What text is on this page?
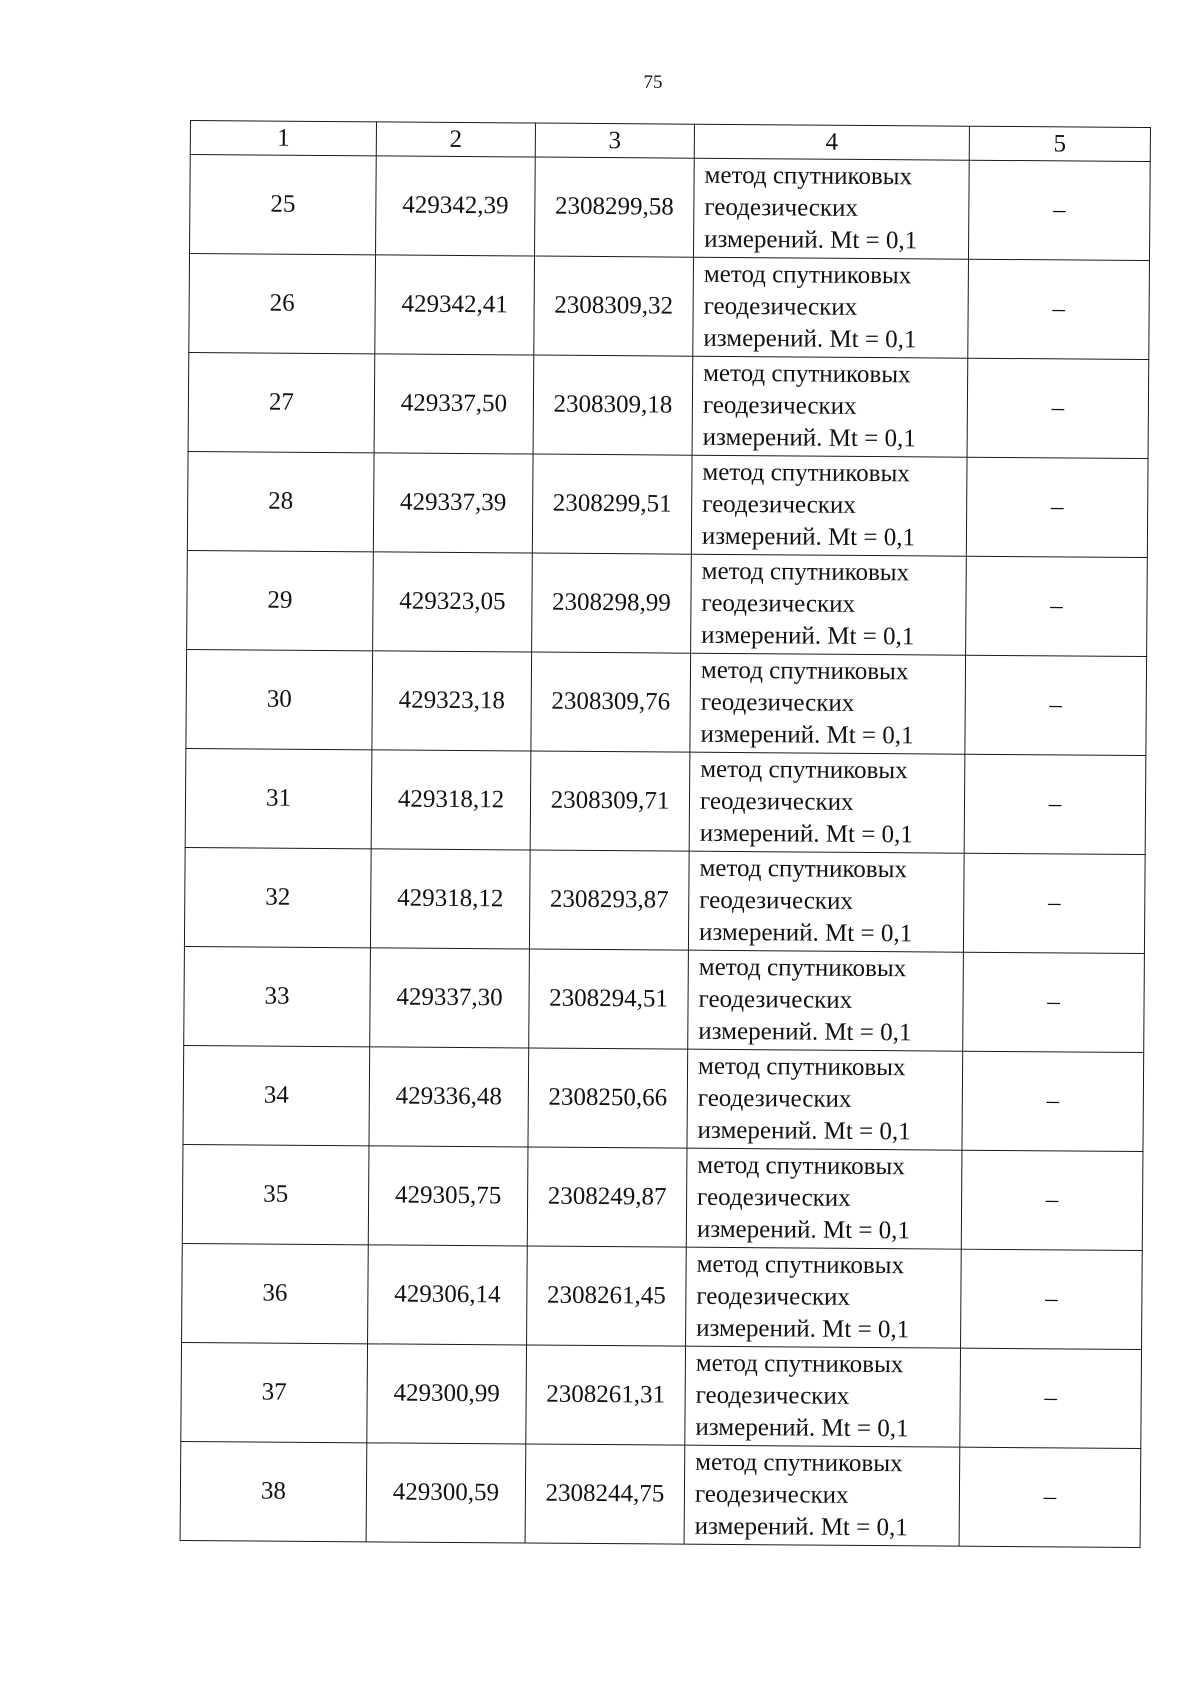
75
1	2	3	4	5
25	429342,39	2308299,58	метод спутниковых
геодезических
измерений. Mt = 0,1	–
26	429342,41	2308309,32	метод спутниковых
геодезических
измерений. Mt = 0,1	–
27	429337,50	2308309,18	метод спутниковых
геодезических
измерений. Mt = 0,1	–
28	429337,39	2308299,51	метод спутниковых
геодезических
измерений. Mt = 0,1	–
29	429323,05	2308298,99	метод спутниковых
геодезических
измерений. Mt = 0,1	–
30	429323,18	2308309,76	метод спутниковых
геодезических
измерений. Mt = 0,1	–
31	429318,12	2308309,71	метод спутниковых
геодезических
измерений. Mt = 0,1	–
32	429318,12	2308293,87	метод спутниковых
геодезических
измерений. Mt = 0,1	–
33	429337,30	2308294,51	метод спутниковых
геодезических
измерений. Mt = 0,1	–
34	429336,48	2308250,66	метод спутниковых
геодезических
измерений. Mt = 0,1	–
35	429305,75	2308249,87	метод спутниковых
геодезических
измерений. Mt = 0,1	–
36	429306,14	2308261,45	метод спутниковых
геодезических
измерений. Mt = 0,1	–
37	429300,99	2308261,31	метод спутниковых
геодезических
измерений. Mt = 0,1	–
38	429300,59	2308244,75	метод спутниковых
геодезических
измерений. Mt = 0,1	–
